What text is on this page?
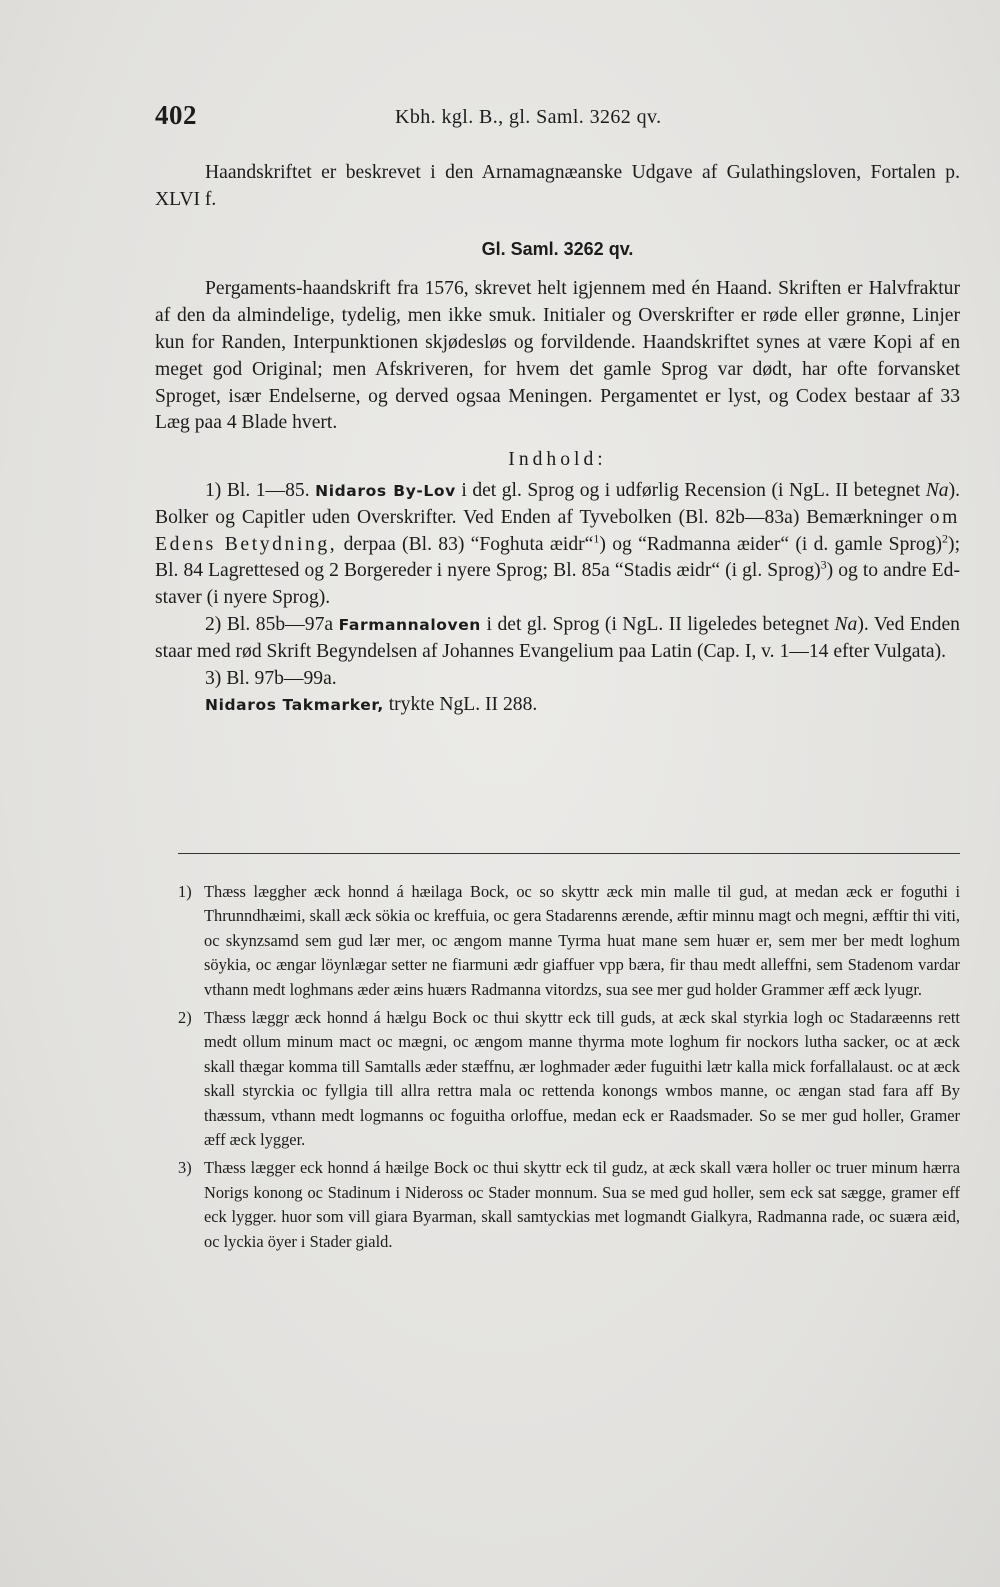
402	Kbh. kgl. B., gl. Saml. 3262 qv.

Haandskriftet er beskrevet i den Arnamagnæanske Udgave af Gulathingsloven, Fortalen p. XLVI f.

Gl. Saml. 3262 qv.

Pergaments-haandskrift fra 1576, skrevet helt igjennem med én Haand. Skriften er Halvfraktur af den da almindelige, tydelig, men ikke smuk. Initialer og Overskrifter er røde eller grønne, Linjer kun for Randen, Interpunktionen skjødesløs og forvildende. Haandskriftet synes at være Kopi af en meget god Original; men Afskriveren, for hvem det gamle Sprog var dødt, har ofte forvansket Sproget, især Endelserne, og derved ogsaa Meningen. Pergamentet er lyst, og Codex bestaar af 33 Læg paa 4 Blade hvert.

Indhold:

1) Bl. 1—85. Nidaros By-Lov i det gl. Sprog og i udførlig Recension (i NgL. II betegnet Na). Bolker og Capitler uden Overskrifter. Ved Enden af Tyvebolken (Bl. 82b—83a) Bemærkninger om Edens Betydning, derpaa (Bl. 83) “Foghuta æidr“$^1$) og “Radmanna æider“ (i d. gamle Sprog)$^2$); Bl. 84 Lagrettesed og 2 Borgereder i nyere Sprog; Bl. 85a “Stadis æidr“ (i gl. Sprog)$^3$) og to andre Ed-staver (i nyere Sprog).

2) Bl. 85b—97a Farmannaloven i det gl. Sprog (i NgL. II ligeledes betegnet Na). Ved Enden staar med rød Skrift Begyndelsen af Johannes Evangelium paa Latin (Cap. I, v. 1—14 efter Vulgata).

3) Bl. 97b—99a.

Nidaros Takmarker, trykte NgL. II 288.

1) Thæss læggher æck honnd á hæilaga Bock, oc so skyttr æck min malle til gud, at medan æck er foguthi i Thrunndhæimi, skall æck sökia oc kreffuia, oc gera Stadarenns ærende, æftir minnu magt och megni, æfftir thi viti, oc skynzsamd sem gud lær mer, oc ængom manne Tyrma huat mane sem huær er, sem mer ber medt loghum söykia, oc ængar löynlægar setter ne fiarmuni ædr giaffuer vpp bæra, fir thau medt alleffni, sem Stadenom vardar vthann medt loghmans æder æins huærs Radmanna vitordzs, sua see mer gud holder Grammer æff æck lyugr.
2) Thæss læggr æck honnd á hælgu Bock oc thui skyttr eck till guds, at æck skal styrkia logh oc Stadaræenns rett medt ollum minum mact oc mægni, oc ængom manne thyrma mote loghum fir nockors lutha sacker, oc at æck skall thægar komma till Samtalls æder stæffnu, ær loghmader æder fuguithi lætr kalla mick forfallalaust. oc at æck skall styrckia oc fyllgia till allra rettra mala oc rettenda konongs wmbos manne, oc ængan stad fara aff By thæssum, vthann medt logmanns oc foguitha orloffue, medan eck er Raadsmader. So se mer gud holler, Gramer æff æck lygger.
3) Thæss lægger eck honnd á hæilge Bock oc thui skyttr eck til gudz, at æck skall væra holler oc truer minum hærra Norigs konong oc Stadinum i Nideross oc Stader monnum. Sua se med gud holler, sem eck sat sægge, gramer eff eck lygger. huor som vill giara Byarman, skall samtyckias met logmandt Gialkyra, Radmanna rade, oc suæra æid, oc lyckia öyer i Stader giald.
